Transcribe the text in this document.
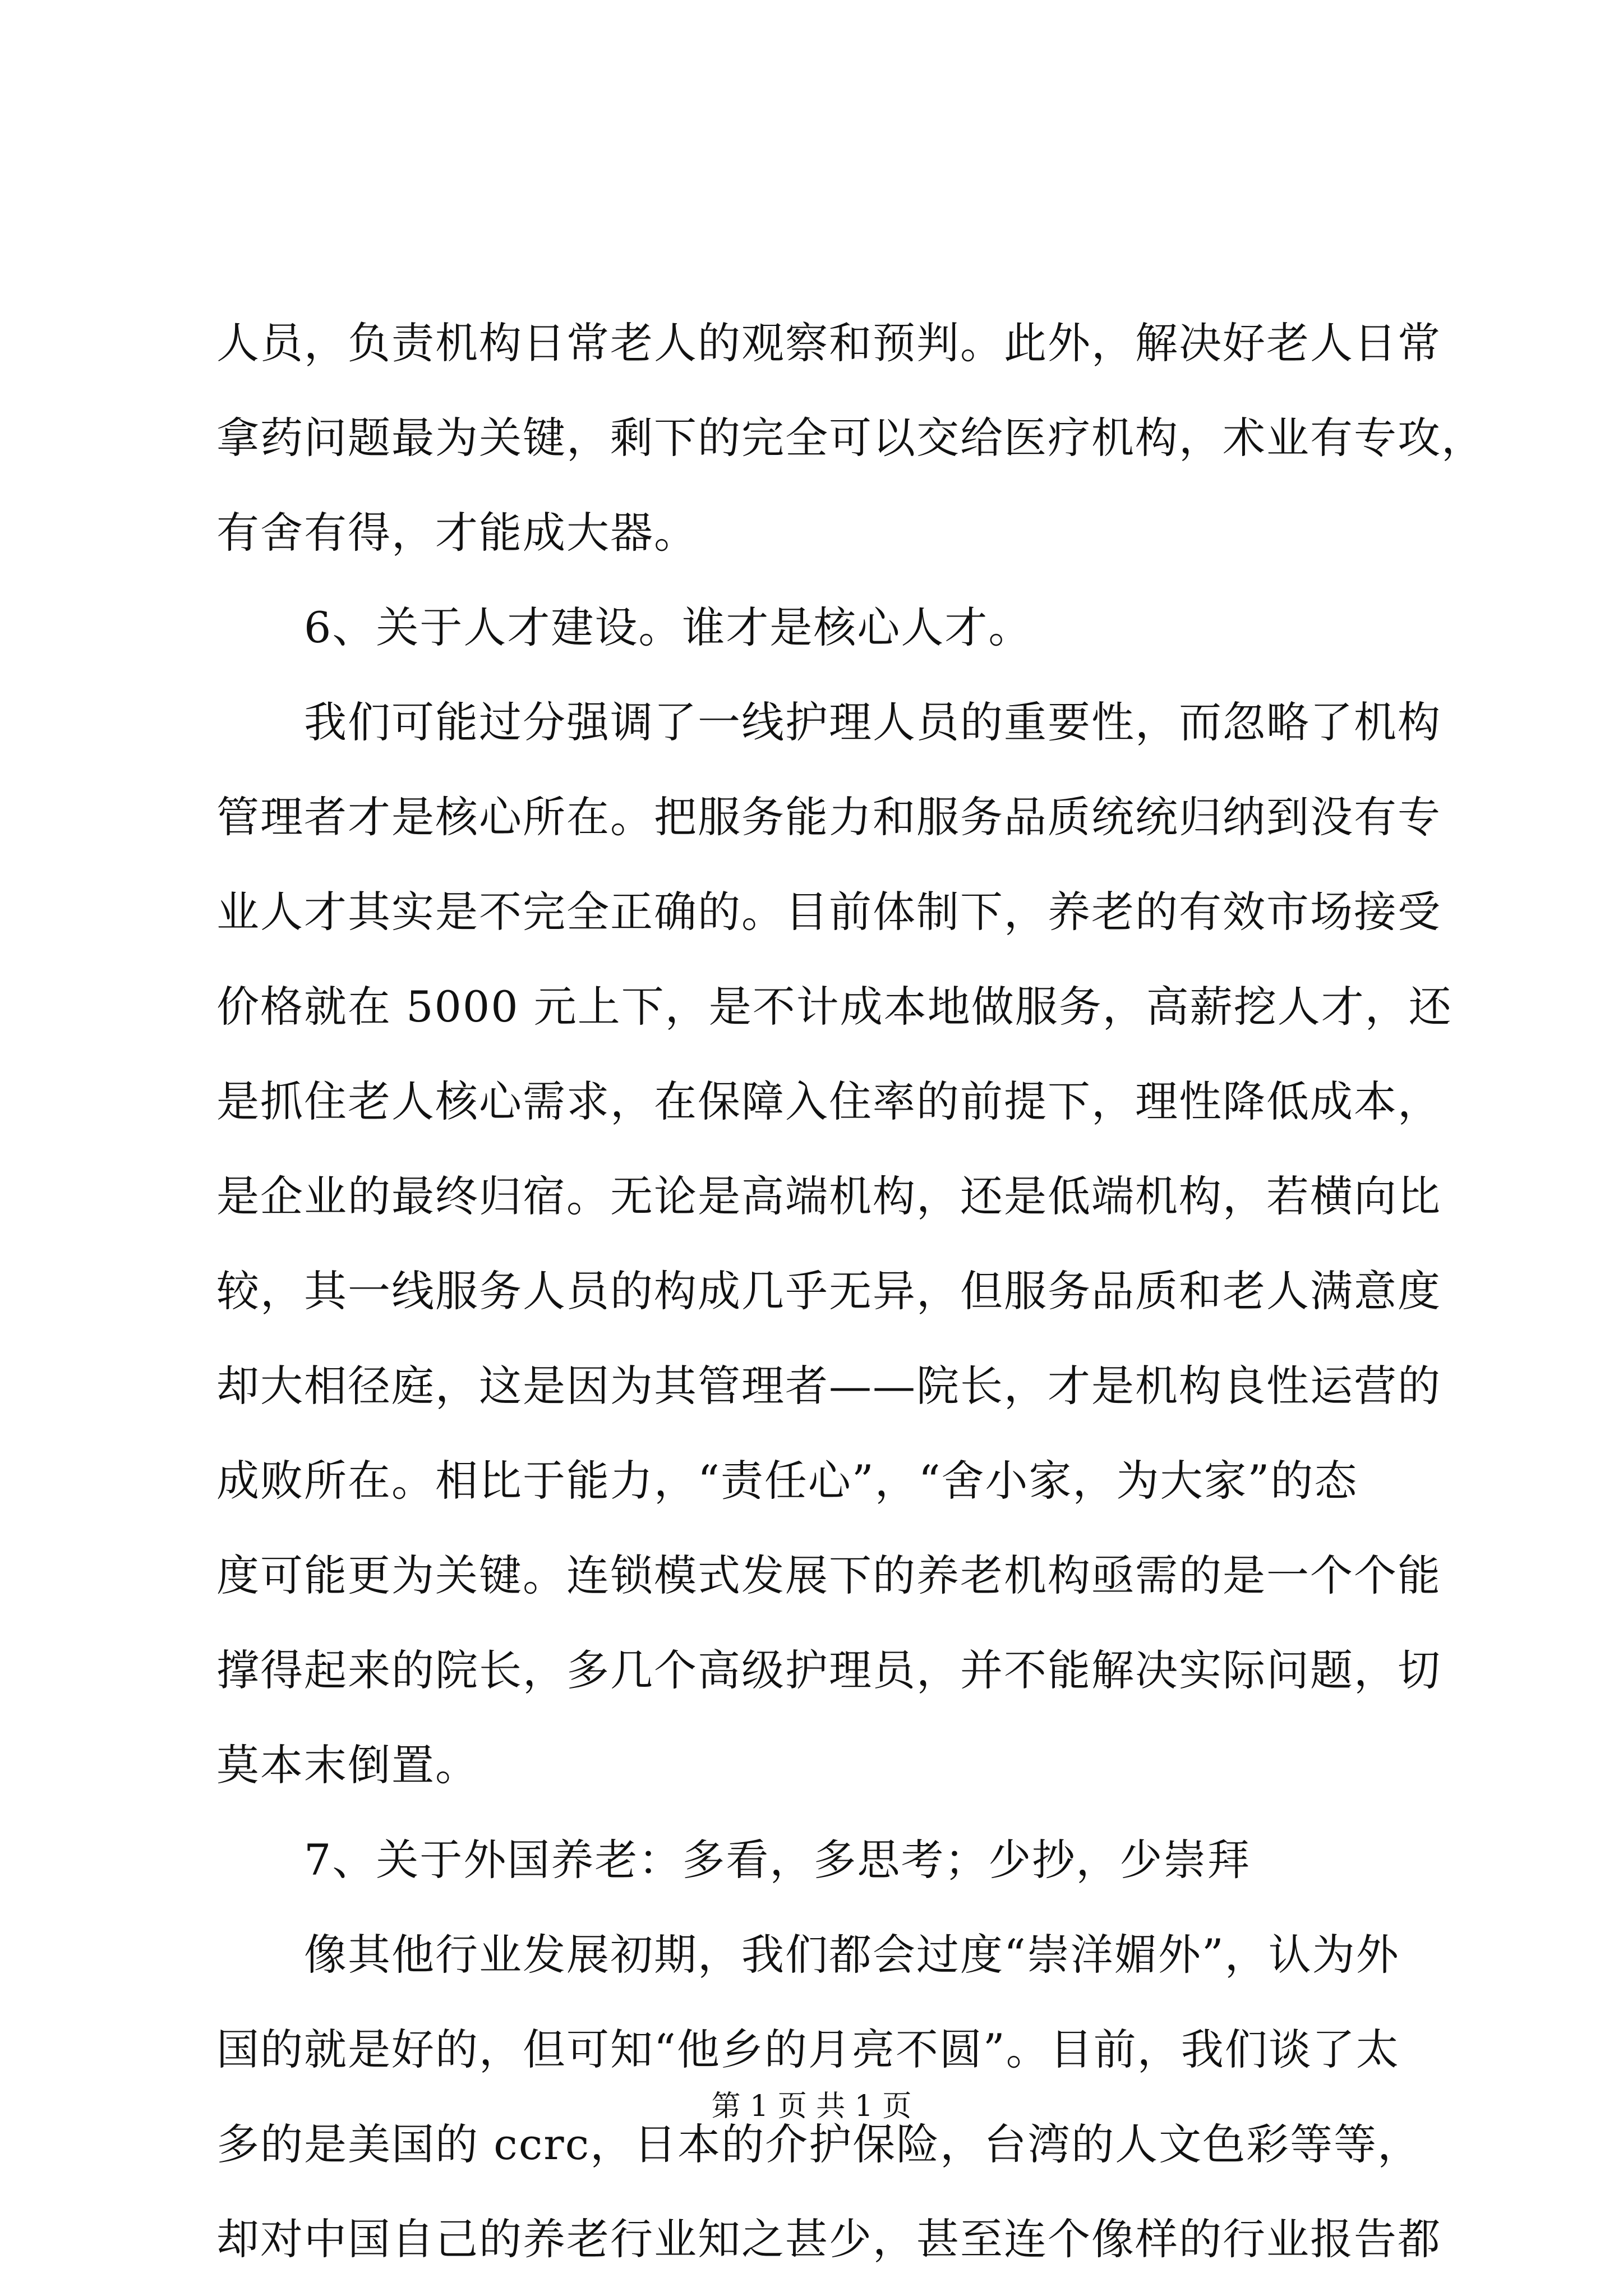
人员，负责机构日常老人的观察和预判。此外，解决好老人日常
拿药问题最为关键，剩下的完全可以交给医疗机构，术业有专攻，
有舍有得，才能成大器。
　　6、关于人才建设。谁才是核心人才。
　　我们可能过分强调了一线护理人员的重要性，而忽略了机构
管理者才是核心所在。把服务能力和服务品质统统归纳到没有专
业人才其实是不完全正确的。目前体制下，养老的有效市场接受
价格就在 5000 元上下，是不计成本地做服务，高薪挖人才，还
是抓住老人核心需求，在保障入住率的前提下，理性降低成本，
是企业的最终归宿。无论是高端机构，还是低端机构，若横向比
较，其一线服务人员的构成几乎无异，但服务品质和老人满意度
却大相径庭，这是因为其管理者——院长，才是机构良性运营的
成败所在。相比于能力，“责任心”，“舍小家，为大家”的态
度可能更为关键。连锁模式发展下的养老机构亟需的是一个个能
撑得起来的院长，多几个高级护理员，并不能解决实际问题，切
莫本末倒置。
　　7、关于外国养老：多看，多思考；少抄，少崇拜
　　像其他行业发展初期，我们都会过度“崇洋媚外”，认为外
国的就是好的，但可知“他乡的月亮不圆”。目前，我们谈了太
多的是美国的 ccrc，日本的介护保险，台湾的人文色彩等等，
却对中国自己的养老行业知之甚少，甚至连个像样的行业报告都
第 1 页 共 1 页
